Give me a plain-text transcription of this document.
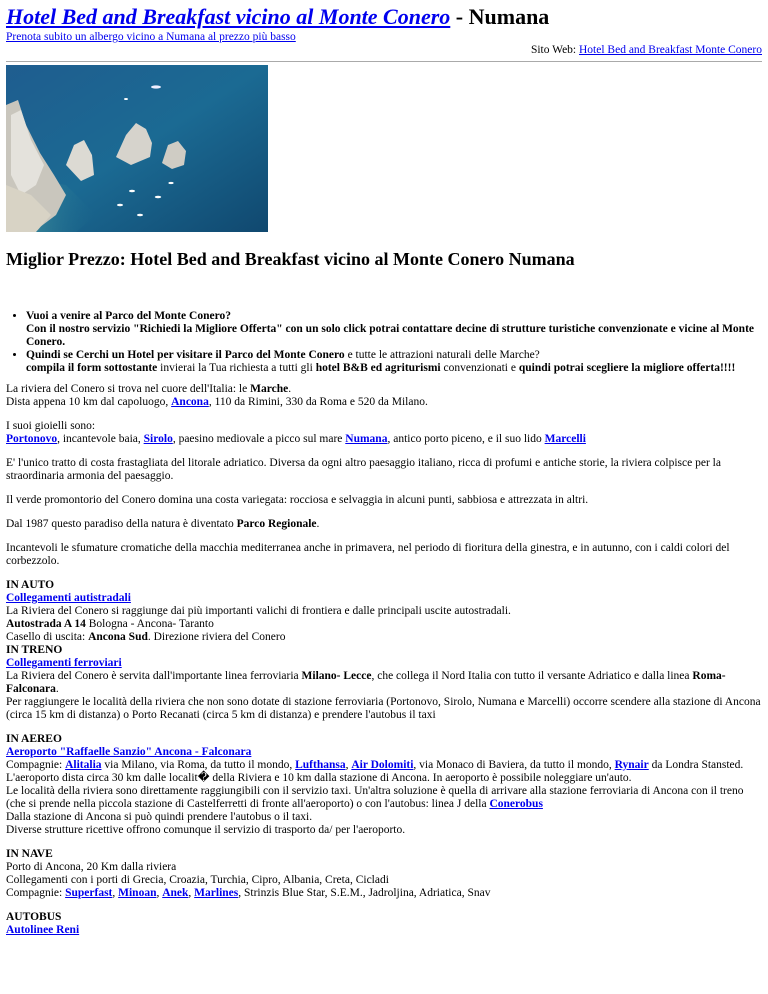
Hotel Bed and Breakfast vicino al Monte Conero - Numana
Prenota subito un albergo vicino a Numana al prezzo più basso
Sito Web: Hotel Bed and Breakfast Monte Conero
Miglior Prezzo: Hotel Bed and Breakfast vicino al Monte Conero Numana
• Vuoi a venire al Parco del Monte Conero?
Con il nostro servizio "Richiedi la Migliore Offerta" con un solo click potrai contattare decine di strutture turistiche convenzionate e vicine al Monte Conero.
• Quindi se Cerchi un Hotel per visitare il Parco del Monte Conero e tutte le attrazioni naturali delle Marche?
compila il form sottostante invierai la Tua richiesta a tutti gli hotel B&B ed agriturismi convenzionati e quindi potrai scegliere la migliore offerta!!!!

La riviera del Conero si trova nel cuore dell'Italia: le Marche.
Dista appena 10 km dal capoluogo, Ancona, 110 da Rimini, 330 da Roma e 520 da Milano.

I suoi gioielli sono:
Portonovo, incantevole baia, Sirolo, paesino mediovale a picco sul mare Numana, antico porto piceno, e il suo lido Marcelli

E' l'unico tratto di costa frastagliata del litorale adriatico. Diversa da ogni altro paesaggio italiano, ricca di profumi e antiche storie, la riviera colpisce per la straordinaria armonia del paesaggio.

Il verde promontorio del Conero domina una costa variegata: rocciosa e selvaggia in alcuni punti, sabbiosa e attrezzata in altri.

Dal 1987 questo paradiso della natura è diventato Parco Regionale.

Incantevoli le sfumature cromatiche della macchia mediterranea anche in primavera, nel periodo di fioritura della ginestra, e in autunno, con i caldi colori del corbezzolo.

IN AUTO
Collegamenti autistradali
La Riviera del Conero si raggiunge dai più importanti valichi di frontiera e dalle principali uscite autostradali.
Autostrada A 14 Bologna - Ancona- Taranto
Casello di uscita: Ancona Sud. Direzione riviera del Conero
IN TRENO
Collegamenti ferroviari
La Riviera del Conero è servita dall'importante linea ferroviaria Milano- Lecce, che collega il Nord Italia con tutto il versante Adriatico e dalla linea Roma-Falconara.
Per raggiungere le località della riviera che non sono dotate di stazione ferroviaria (Portonovo, Sirolo, Numana e Marcelli) occorre scendere alla stazione di Ancona (circa 15 km di distanza) o Porto Recanati (circa 5 km di distanza) e prendere l'autobus il taxi
IN AEREO
Aeroporto "Raffaelle Sanzio" Ancona - Falconara
Compagnie: Alitalia via Milano, via Roma, da tutto il mondo, Lufthansa, Air Dolomiti, via Monaco di Baviera, da tutto il mondo, Rynair da Londra Stansted.
L'aeroporto dista circa 30 km dalle localit� della Riviera e 10 km dalla stazione di Ancona. In aeroporto è possibile noleggiare un'auto.
Le località della riviera sono direttamente raggiungibili con il servizio taxi. Un'altra soluzione è quella di arrivare alla stazione ferroviaria di Ancona con il treno (che si prende nella piccola stazione di Castelferretti di fronte all'aeroporto) o con l'autobus: linea J della Conerobus
Dalla stazione di Ancona si può quindi prendere l'autobus o il taxi.
Diverse strutture ricettive offrono comunque il servizio di trasporto da/ per l'aeroporto.
IN NAVE
Porto di Ancona, 20 Km dalla riviera
Collegamenti con i porti di Grecia, Croazia, Turchia, Cipro, Albania, Creta, Cicladi
Compagnie: Superfast, Minoan, Anek, Marlines, Strinzis Blue Star, S.E.M., Jadroljina, Adriatica, Snav
AUTOBUS
Autolinee Reni
